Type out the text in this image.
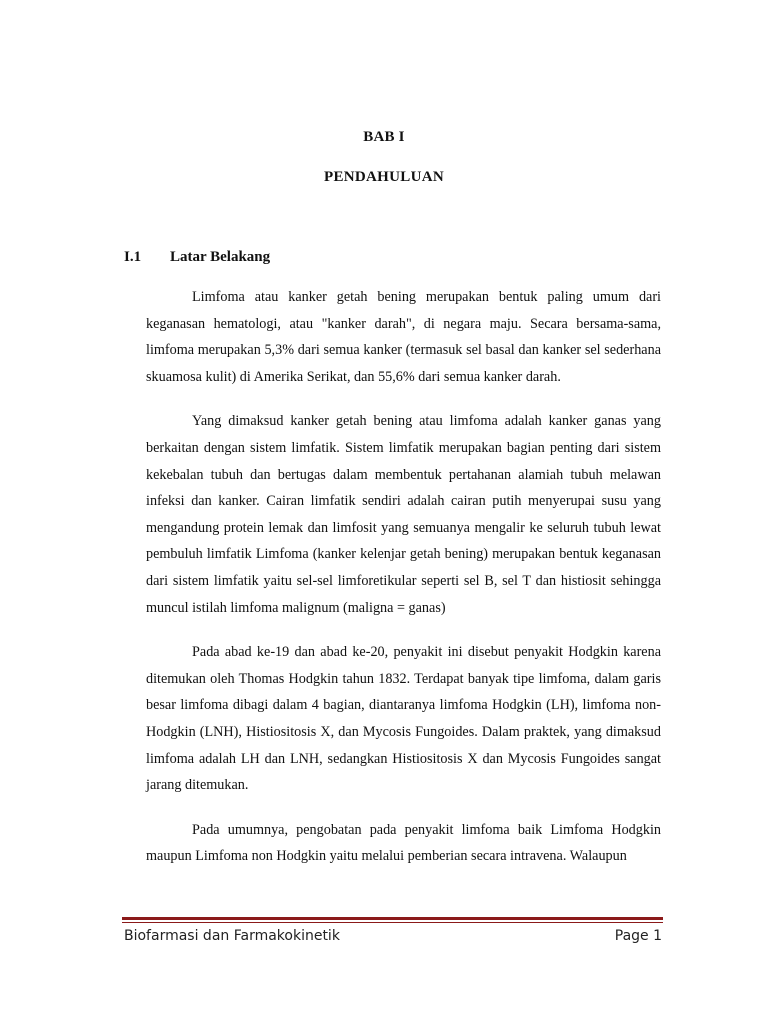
BAB I
PENDAHULUAN
I.1 Latar Belakang

Limfoma atau kanker getah bening merupakan bentuk paling umum dari keganasan hematologi, atau "kanker darah", di negara maju. Secara bersama-sama, limfoma merupakan 5,3% dari semua kanker (termasuk sel basal dan kanker sel sederhana skuamosa kulit) di Amerika Serikat, dan 55,6% dari semua kanker darah.

Yang dimaksud kanker getah bening atau limfoma adalah kanker ganas yang berkaitan dengan sistem limfatik. Sistem limfatik merupakan bagian penting dari sistem kekebalan tubuh dan bertugas dalam membentuk pertahanan alamiah tubuh melawan infeksi dan kanker. Cairan limfatik sendiri adalah cairan putih menyerupai susu yang mengandung protein lemak dan limfosit yang semuanya mengalir ke seluruh tubuh lewat pembuluh limfatik Limfoma (kanker kelenjar getah bening) merupakan bentuk keganasan dari sistem limfatik yaitu sel-sel limforetikular seperti sel B, sel T dan histiosit sehingga muncul istilah limfoma malignum (maligna = ganas)

Pada abad ke-19 dan abad ke-20, penyakit ini disebut penyakit Hodgkin karena ditemukan oleh Thomas Hodgkin tahun 1832. Terdapat banyak tipe limfoma, dalam garis besar limfoma dibagi dalam 4 bagian, diantaranya limfoma Hodgkin (LH), limfoma non-Hodgkin (LNH), Histiositosis X, dan Mycosis Fungoides. Dalam praktek, yang dimaksud limfoma adalah LH dan LNH, sedangkan Histiositosis X dan Mycosis Fungoides sangat jarang ditemukan.

Pada umumnya, pengobatan pada penyakit limfoma baik Limfoma Hodgkin maupun Limfoma non Hodgkin yaitu melalui pemberian secara intravena. Walaupun

Biofarmasi dan Farmakokinetik	Page 1
